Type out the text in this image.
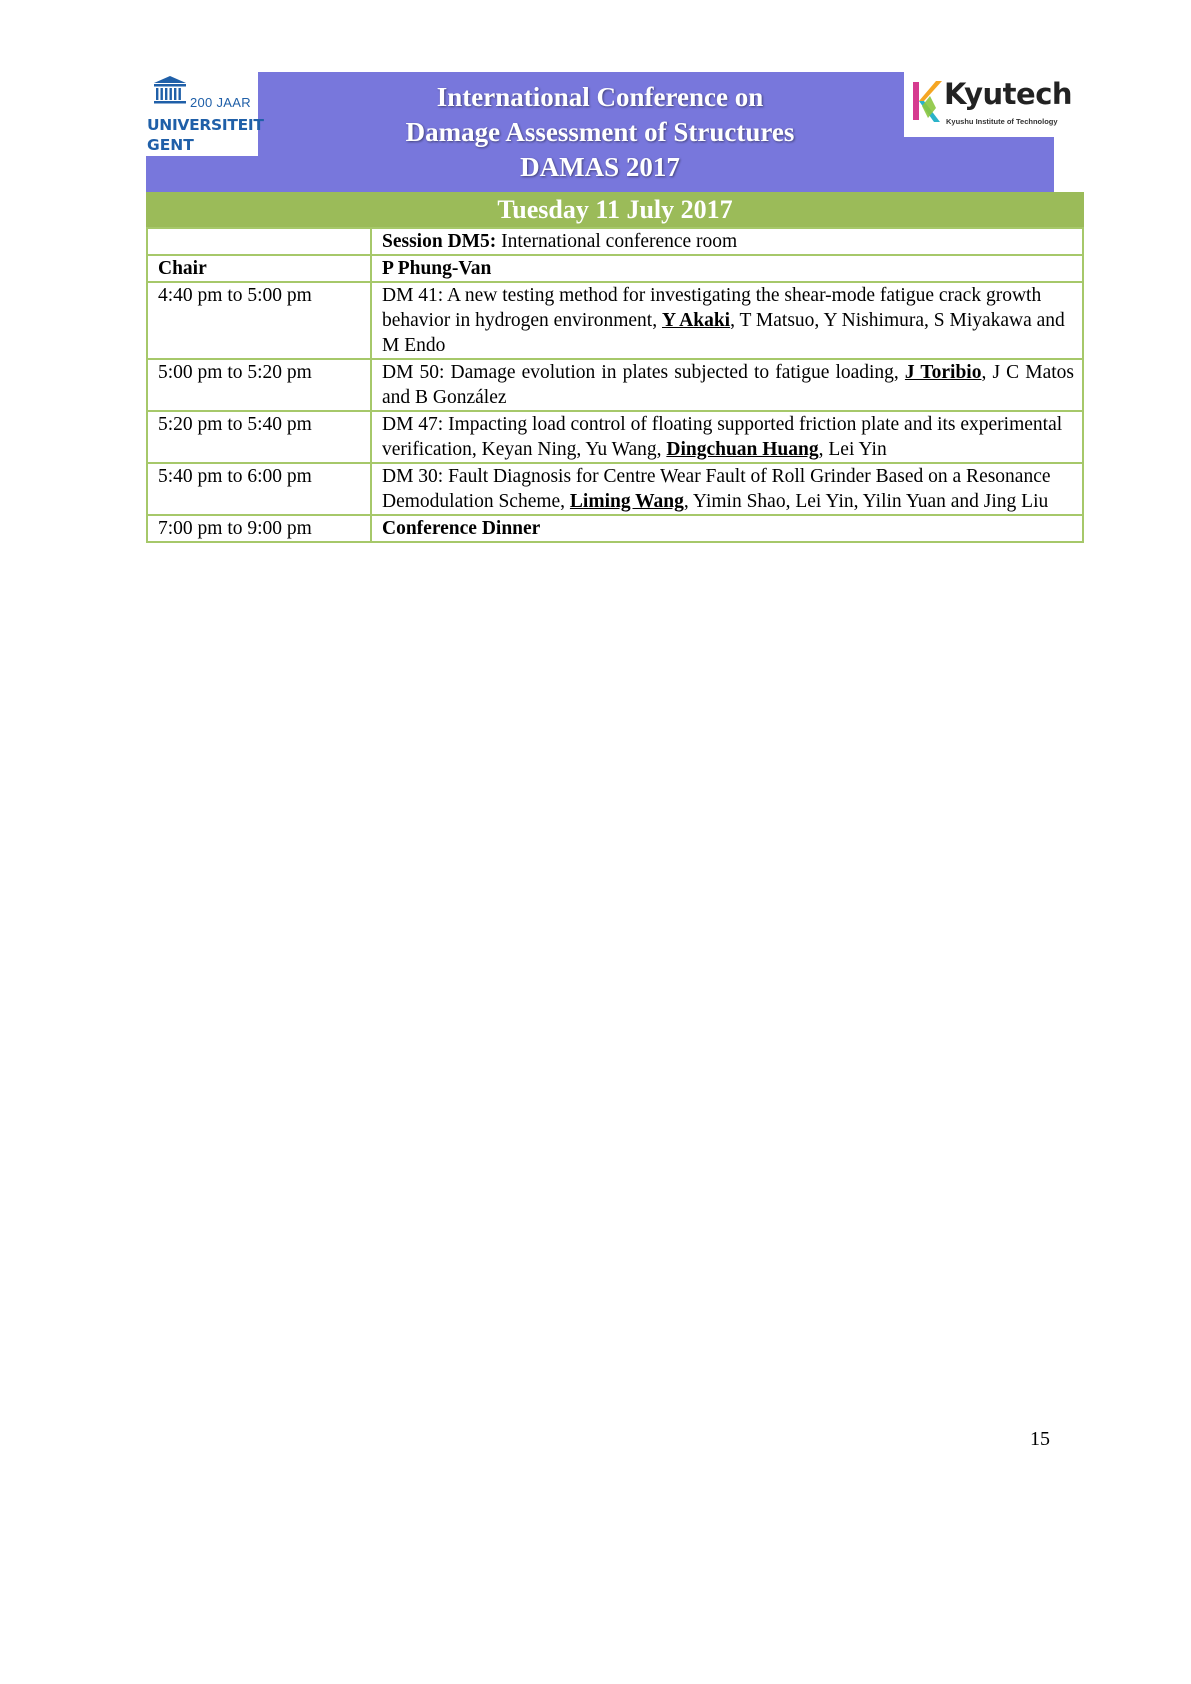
200 JAAR
UNIVERSITEIT
GENT
International Conference on
Damage Assessment of Structures
DAMAS 2017
Kyutech
Kyushu Institute of Technology
Tuesday 11 July 2017
	Session DM5: International conference room
Chair	P Phung-Van
4:40 pm to 5:00 pm	DM 41: A new testing method for investigating the shear-mode fatigue crack growth behavior in hydrogen environment, Y Akaki, T Matsuo, Y Nishimura, S Miyakawa and M Endo
5:00 pm to 5:20 pm	DM 50: Damage evolution in plates subjected to fatigue loading, J Toribio, J C Matos and B González
5:20 pm to 5:40 pm	DM 47: Impacting load control of floating supported friction plate and its experimental verification, Keyan Ning, Yu Wang, Dingchuan Huang, Lei Yin
5:40 pm to 6:00 pm	DM 30: Fault Diagnosis for Centre Wear Fault of Roll Grinder Based on a Resonance Demodulation Scheme, Liming Wang, Yimin Shao, Lei Yin, Yilin Yuan and Jing Liu
7:00 pm to 9:00 pm	Conference Dinner
15
